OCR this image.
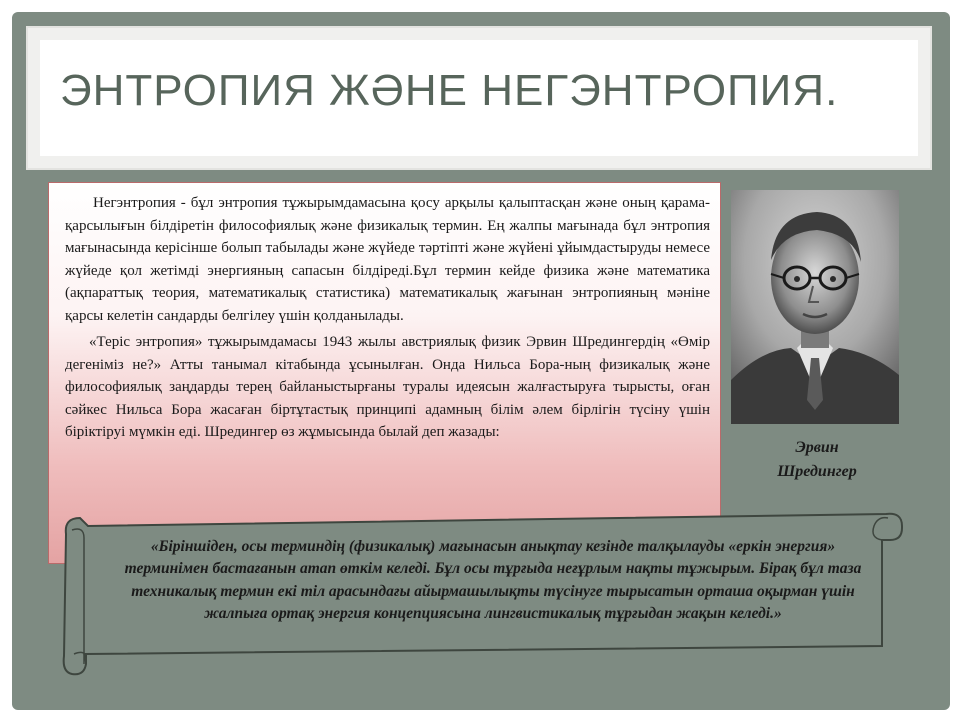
ЭНТРОПИЯ ЖӘНЕ НЕГЭНТРОПИЯ.

Негэнтропия - бұл энтропия тұжырымдамасына қосу арқылы қалыптасқан және оның қарама-қарсылығын білдіретін философиялық және физикалық термин. Ең жалпы мағынада бұл энтропия мағынасында керісінше болып табылады және жүйеде тәртіпті және жүйені ұйымдастыруды немесе жүйеде қол жетімді энергияның сапасын білдіреді.Бұл термин кейде физика және математика (ақпараттық теория, математикалық статистика) математикалық жағынан энтропияның мәніне қарсы келетін сандарды белгілеу үшін қолданылады.

«Теріс энтропия» тұжырымдамасы 1943 жылы австриялық физик Эрвин Шредингердің «Өмір дегеніміз не?» Атты танымал кітабында ұсынылған. Онда Нильса Бора-ның физикалық және философиялық заңдарды терең байланыстырғаны туралы идеясын жалғастыруға тырысты, оған сәйкес Нильса Бора жасаған біртұтастық принципі адамның білім әлем бірлігін түсіну үшін біріктіруі мүмкін еді. Шредингер өз жұмысында былай деп жазады:

Эрвин
Шредингер

«Біріншіден, осы терминдің (физикалық) мағынасын анықтау кезінде талқылауды «еркін энергия» терминімен бастағанын атап өткім келеді. Бұл осы тұрғыда неғұрлым нақты тұжырым. Бірақ бұл таза техникалық термин екі тіл арасындағы айырмашылықты түсінуге тырысатын орташа оқырман үшін жалпыға ортақ энергия концепциясына лингвистикалық тұрғыдан жақын келеді.»
